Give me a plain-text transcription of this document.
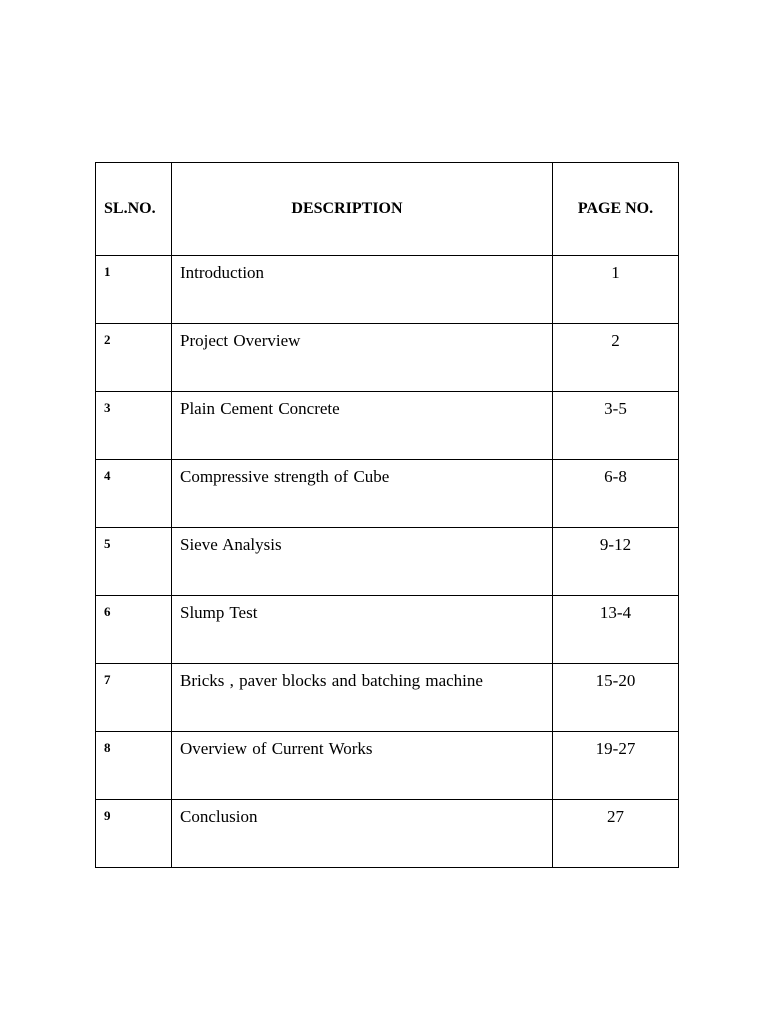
SL.NO.	DESCRIPTION	PAGE NO.
1	Introduction	1
2	Project Overview	2
3	Plain Cement Concrete	3-5
4	Compressive strength of Cube	6-8
5	Sieve Analysis	9-12
6	Slump Test	13-4
7	Bricks , paver blocks and batching machine	15-20
8	Overview of Current Works	19-27
9	Conclusion	27
